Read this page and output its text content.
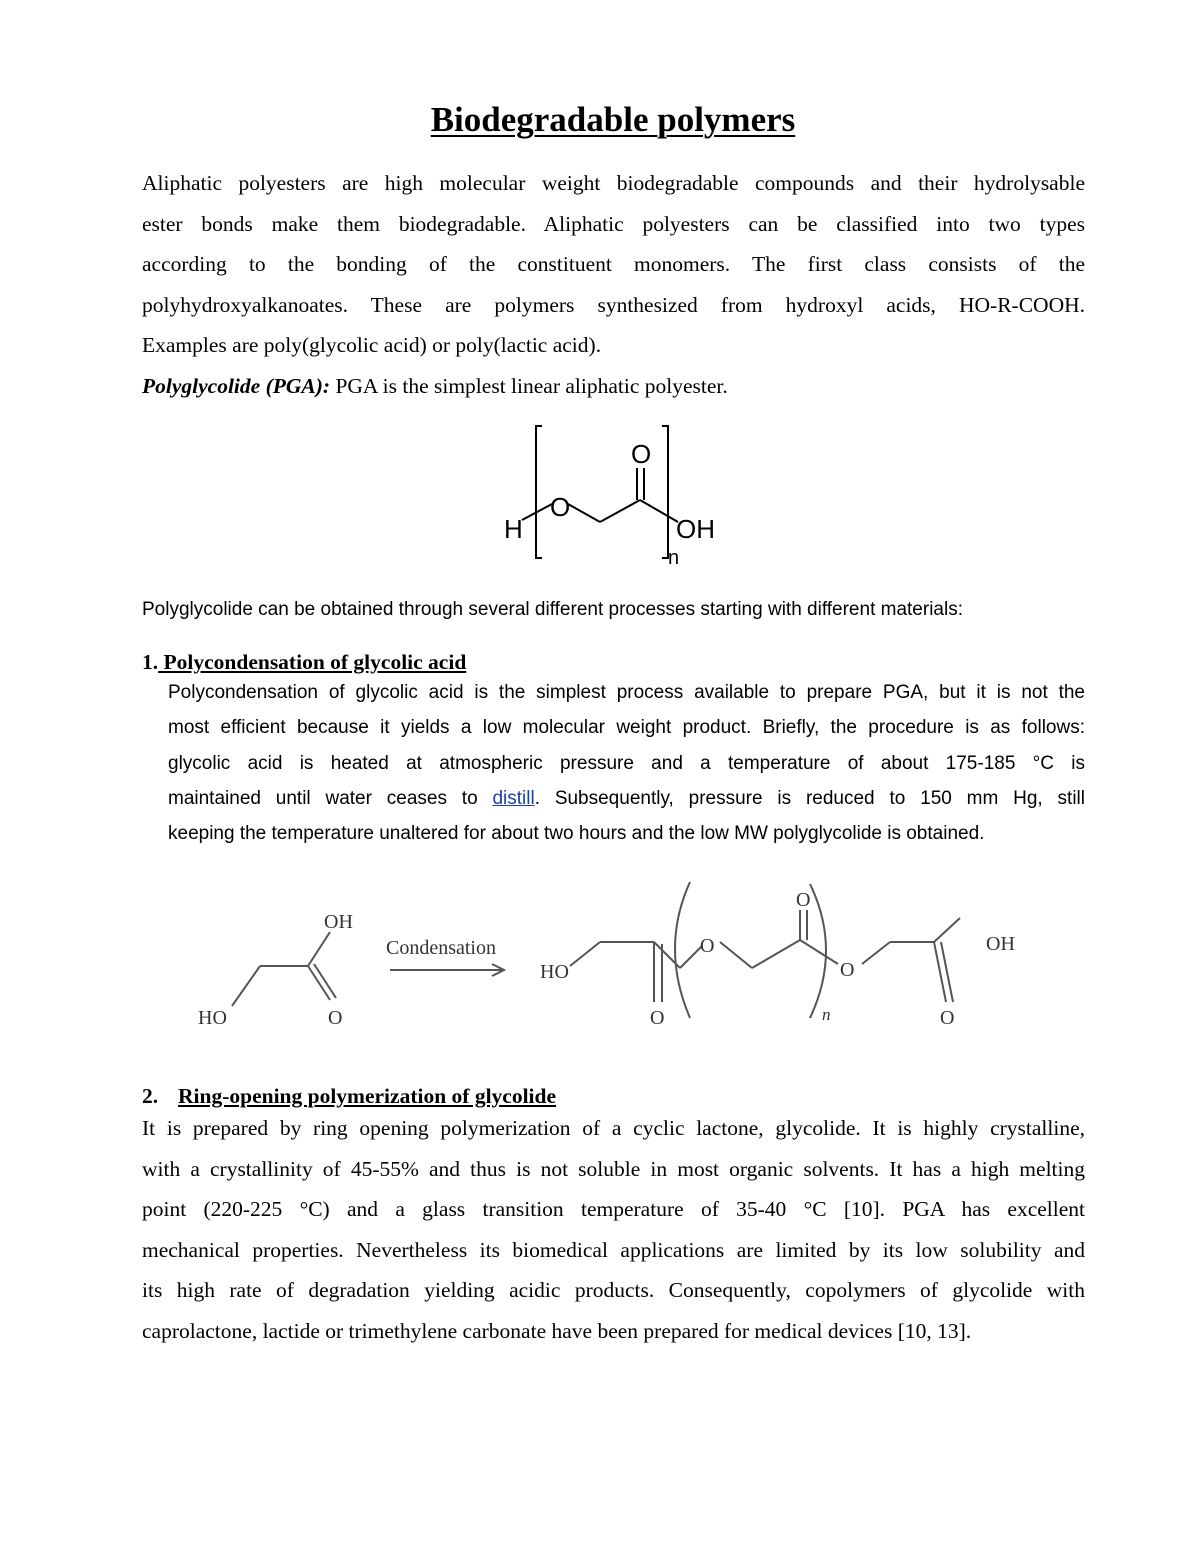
Biodegradable polymers
Aliphatic polyesters are high molecular weight biodegradable compounds and their hydrolysable
ester bonds make them biodegradable. Aliphatic polyesters can be classified into two types
according to the bonding of the constituent monomers. The first class consists of the
polyhydroxyalkanoates. These are polymers synthesized from hydroxyl acids, HO-R-COOH.
Examples are poly(glycolic acid) or poly(lactic acid).
Polyglycolide (PGA): PGA is the simplest linear aliphatic polyester.
H
O
O
OH
n
Polyglycolide can be obtained through several different processes starting with different materials:
1. Polycondensation of glycolic acid
Polycondensation of glycolic acid is the simplest process available to prepare PGA, but it is not the
most efficient because it yields a low molecular weight product. Briefly, the procedure is as follows:
glycolic acid is heated at atmospheric pressure and a temperature of about 175-185 °C is
maintained until water ceases to distill. Subsequently, pressure is reduced to 150 mm Hg, still
keeping the temperature unaltered for about two hours and the low MW polyglycolide is obtained.
OH
HO	O
Condensation
HO
O
O
O
O
OH
O
n
2. Ring-opening polymerization of glycolide
It is prepared by ring opening polymerization of a cyclic lactone, glycolide. It is highly crystalline,
with a crystallinity of 45-55% and thus is not soluble in most organic solvents. It has a high melting
point (220-225 °C) and a glass transition temperature of 35-40 °C [10]. PGA has excellent
mechanical properties. Nevertheless its biomedical applications are limited by its low solubility and
its high rate of degradation yielding acidic products. Consequently, copolymers of glycolide with
caprolactone, lactide or trimethylene carbonate have been prepared for medical devices [10, 13].
